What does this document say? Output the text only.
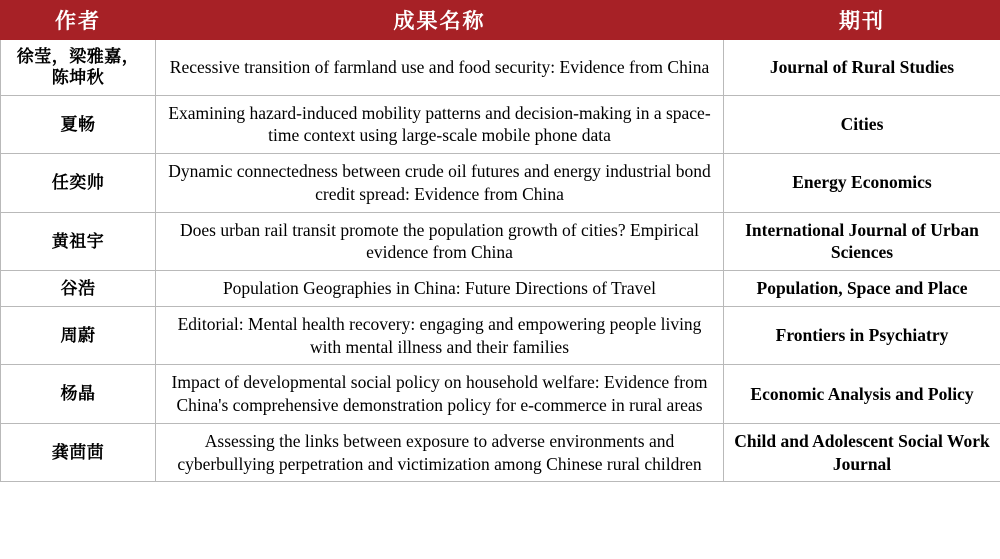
作者	成果名称	期刊
徐莹，梁雅嘉，陈坤秋	Recessive transition of farmland use and food security: Evidence from China	Journal of Rural Studies
夏畅	Examining hazard-induced mobility patterns and decision-making in a space-time context using large-scale mobile phone data	Cities
任奕帅	Dynamic connectedness between crude oil futures and energy industrial bond credit spread: Evidence from China	Energy Economics
黄祖宇	Does urban rail transit promote the population growth of cities? Empirical evidence from China	International Journal of Urban Sciences
谷浩	Population Geographies in China: Future Directions of Travel	Population, Space and Place
周蔚	Editorial: Mental health recovery: engaging and empowering people living with mental illness and their families	Frontiers in Psychiatry
杨晶	Impact of developmental social policy on household welfare: Evidence from China's comprehensive demonstration policy for e-commerce in rural areas	Economic Analysis and Policy
龚茴茴	Assessing the links between exposure to adverse environments and cyberbullying perpetration and victimization among Chinese rural children	Child and Adolescent Social Work Journal
